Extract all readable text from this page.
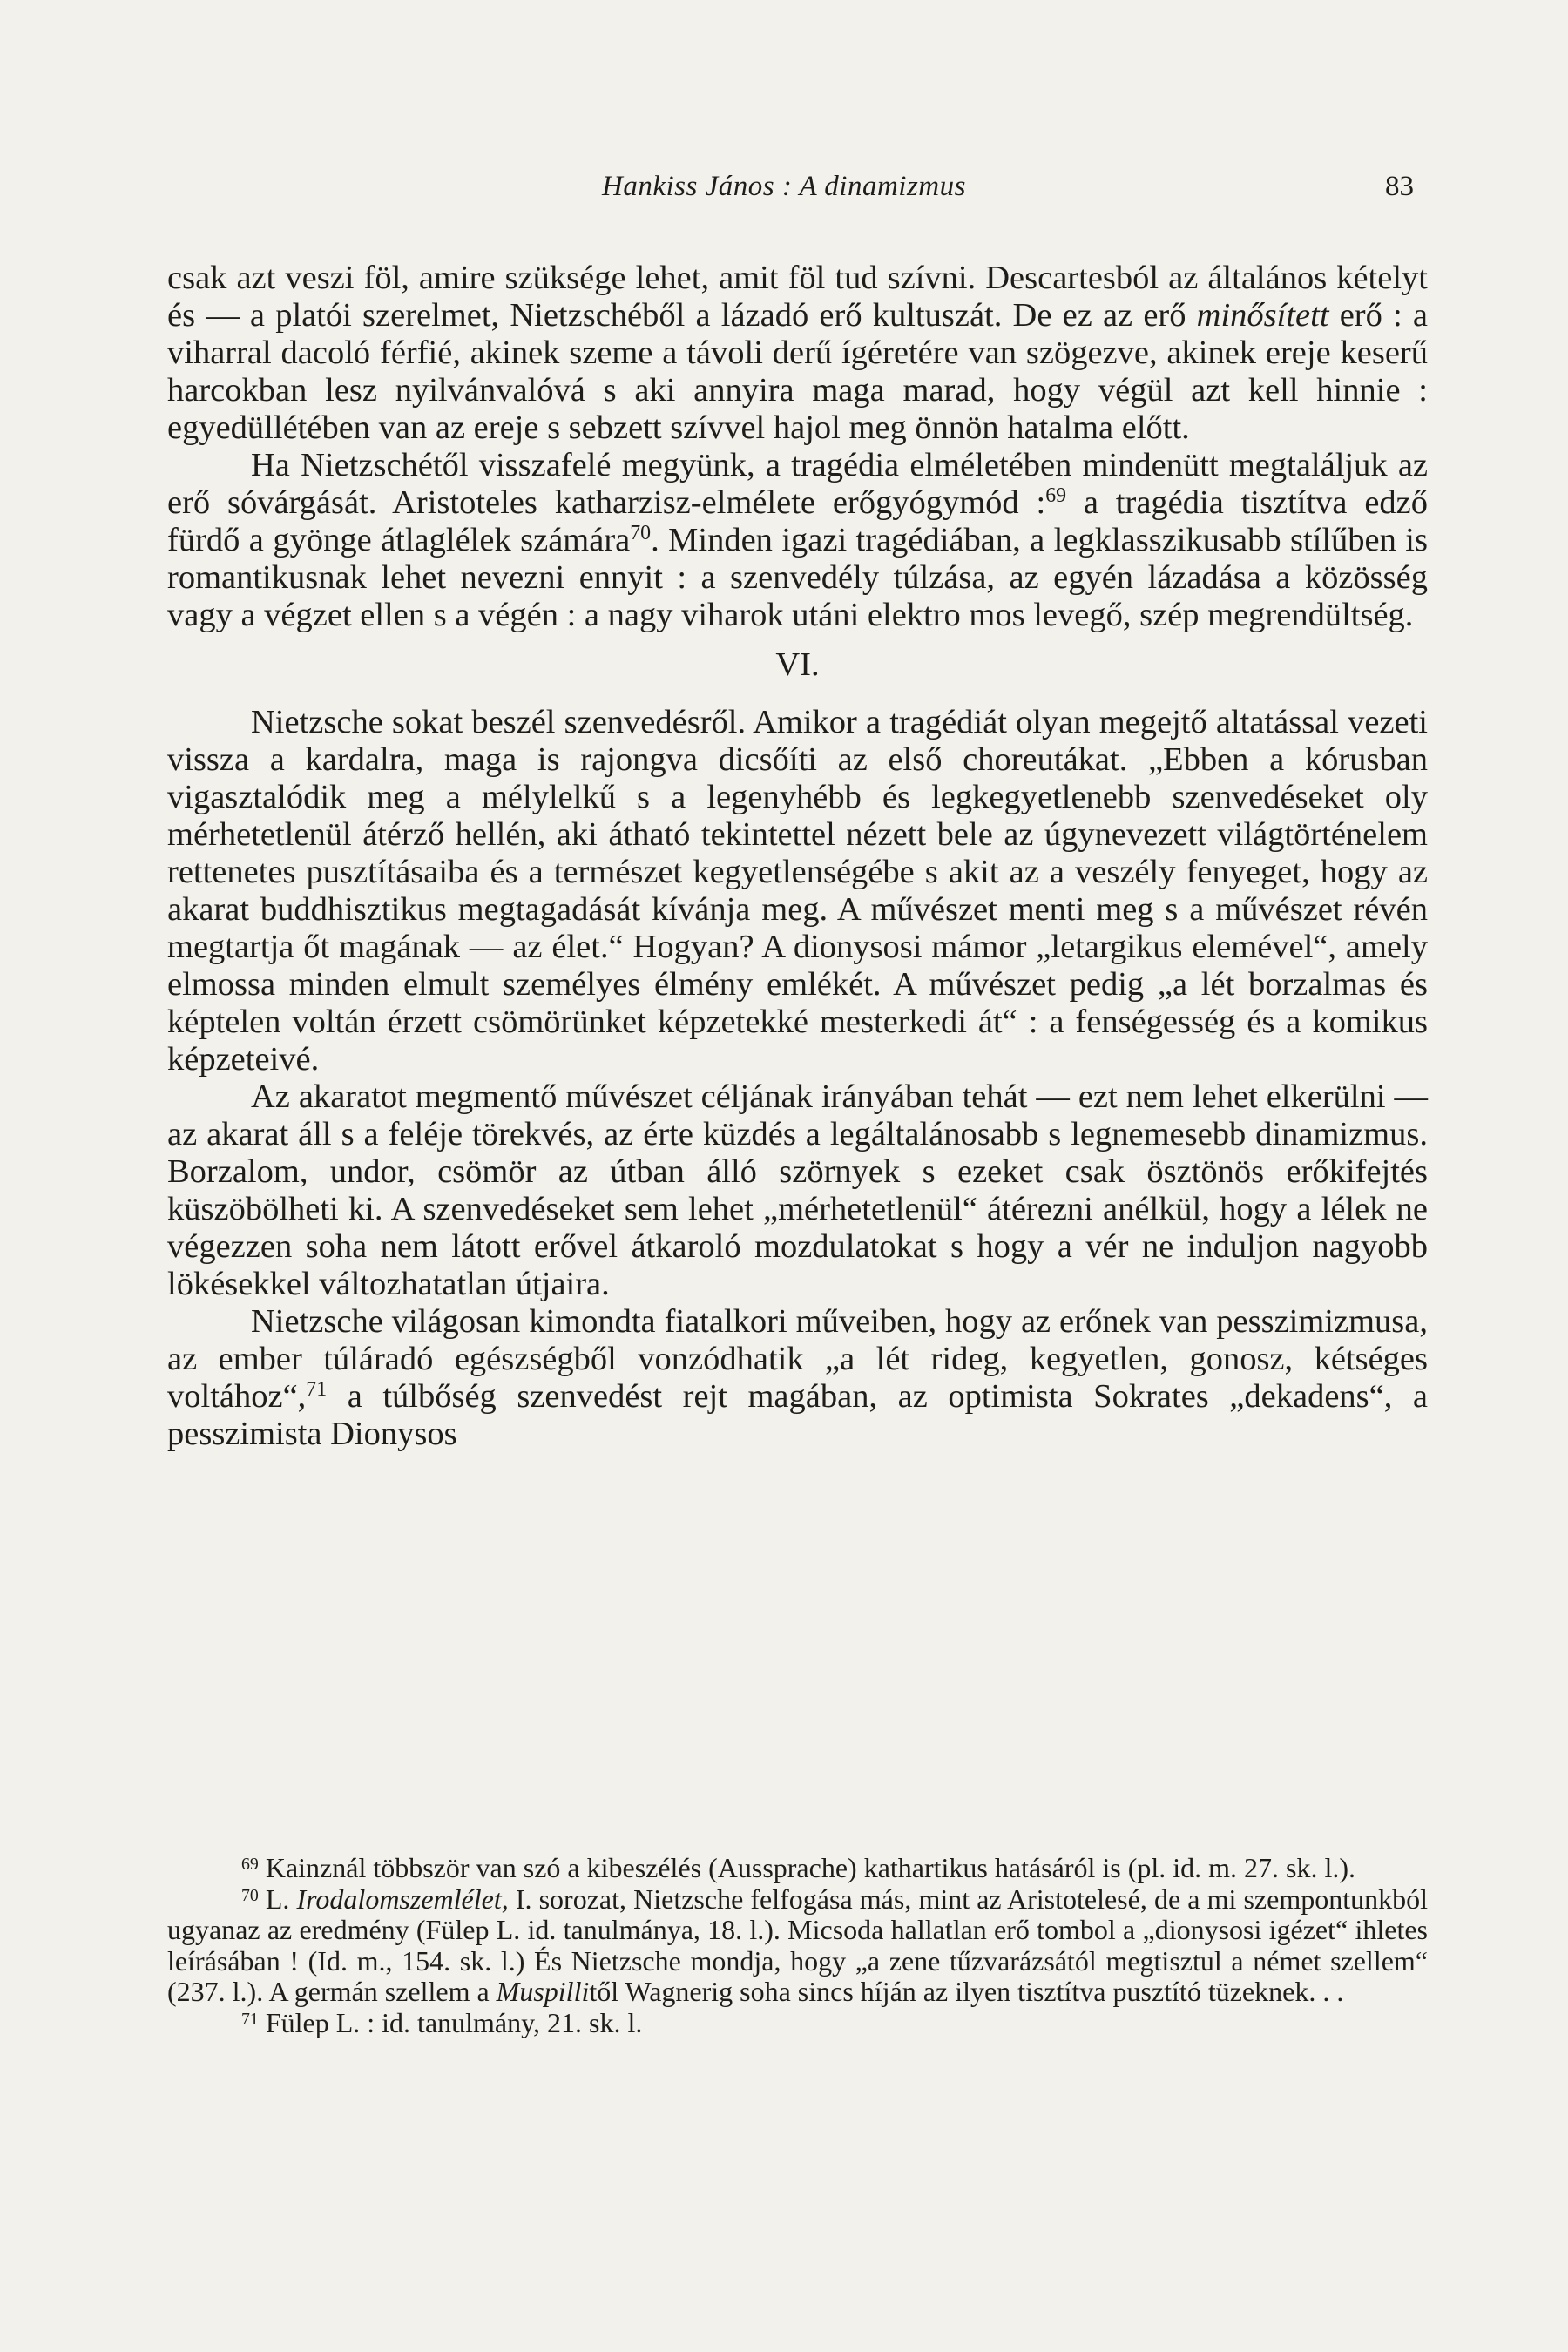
Hankiss János : A dinamizmus	83

csak azt veszi föl, amire szüksége lehet, amit föl tud szívni. Descartesból az általános kételyt és — a platói szerelmet, Nietzschéből a lázadó erő kultuszát. De ez az erő minősített erő : a viharral dacoló férfié, akinek szeme a távoli derű ígéretére van szögezve, akinek ereje keserű harcokban lesz nyilvánvalóvá s aki annyira maga marad, hogy végül azt kell hinnie : egyedüllétében van az ereje s sebzett szívvel hajol meg önnön hatalma előtt.

Ha Nietzschétől visszafelé megyünk, a tragédia elméletében mindenütt megtaláljuk az erő sóvárgását. Aristoteles katharzisz-elmélete erőgyógymód :$^{69}$ a tragédia tisztítva edző fürdő a gyönge átlaglélek számára$^{70}$. Minden igazi tragédiában, a legklasszikusabb stílűben is romantikusnak lehet nevezni ennyit : a szenvedély túlzása, az egyén lázadása a közösség vagy a végzet ellen s a végén : a nagy viharok utáni elektro mos levegő, szép megrendültség.

VI.

Nietzsche sokat beszél szenvedésről. Amikor a tragédiát olyan megejtő altatással vezeti vissza a kardalra, maga is rajongva dicsőíti az első choreutákat. „Ebben a kórusban vigasztalódik meg a mélylelkű s a legenyhébb és legkegyetlenebb szenvedéseket oly mérhetetlenül átérző hellén, aki átható tekintettel nézett bele az úgynevezett világtörténelem rettenetes pusztításaiba és a természet kegyetlenségébe s akit az a veszély fenyeget, hogy az akarat buddhisztikus megtagadását kívánja meg. A művészet menti meg s a művészet révén megtartja őt magának — az élet.“ Hogyan? A dionysosi mámor „letargikus elemével“, amely elmossa minden elmult személyes élmény emlékét. A művészet pedig „a lét borzalmas és képtelen voltán érzett csömörünket képzetekké mesterkedi át“ : a fenségesség és a komikus képzeteivé.

Az akaratot megmentő művészet céljának irányában tehát — ezt nem lehet elkerülni — az akarat áll s a feléje törekvés, az érte küzdés a legáltalánosabb s legnemesebb dinamizmus. Borzalom, undor, csömör az útban álló szörnyek s ezeket csak ösztönös erőkifejtés küszöbölheti ki. A szenvedéseket sem lehet „mérhetetlenül“ átérezni anélkül, hogy a lélek ne végezzen soha nem látott erővel átkaroló mozdulatokat s hogy a vér ne induljon nagyobb lökésekkel változhatatlan útjaira.

Nietzsche világosan kimondta fiatalkori műveiben, hogy az erőnek van pesszimizmusa, az ember túláradó egészségből vonzódhatik „a lét rideg, kegyetlen, gonosz, kétséges voltához“,$^{71}$ a túlbőség szenvedést rejt magában, az optimista Sokrates „dekadens“, a pesszimista Dionysos

$^{69}$ Kainznál többször van szó a kibeszélés (Aussprache) kathartikus hatásáról is (pl. id. m. 27. sk. l.).

$^{70}$ L. Irodalomszemlélet, I. sorozat, Nietzsche felfogása más, mint az Aristotelesé, de a mi szempontunkból ugyanaz az eredmény (Fülep L. id. tanulmánya, 18. l.). Micsoda hallatlan erő tombol a „dionysosi igézet“ ihletes leírásában ! (Id. m., 154. sk. l.) És Nietzsche mondja, hogy „a zene tűzvarázsától megtisztul a német szellem“ (237. l.). A germán szellem a Muspillitől Wagnerig soha sincs híján az ilyen tisztítva pusztító tüzeknek. . .

$^{71}$ Fülep L. : id. tanulmány, 21. sk. l.
